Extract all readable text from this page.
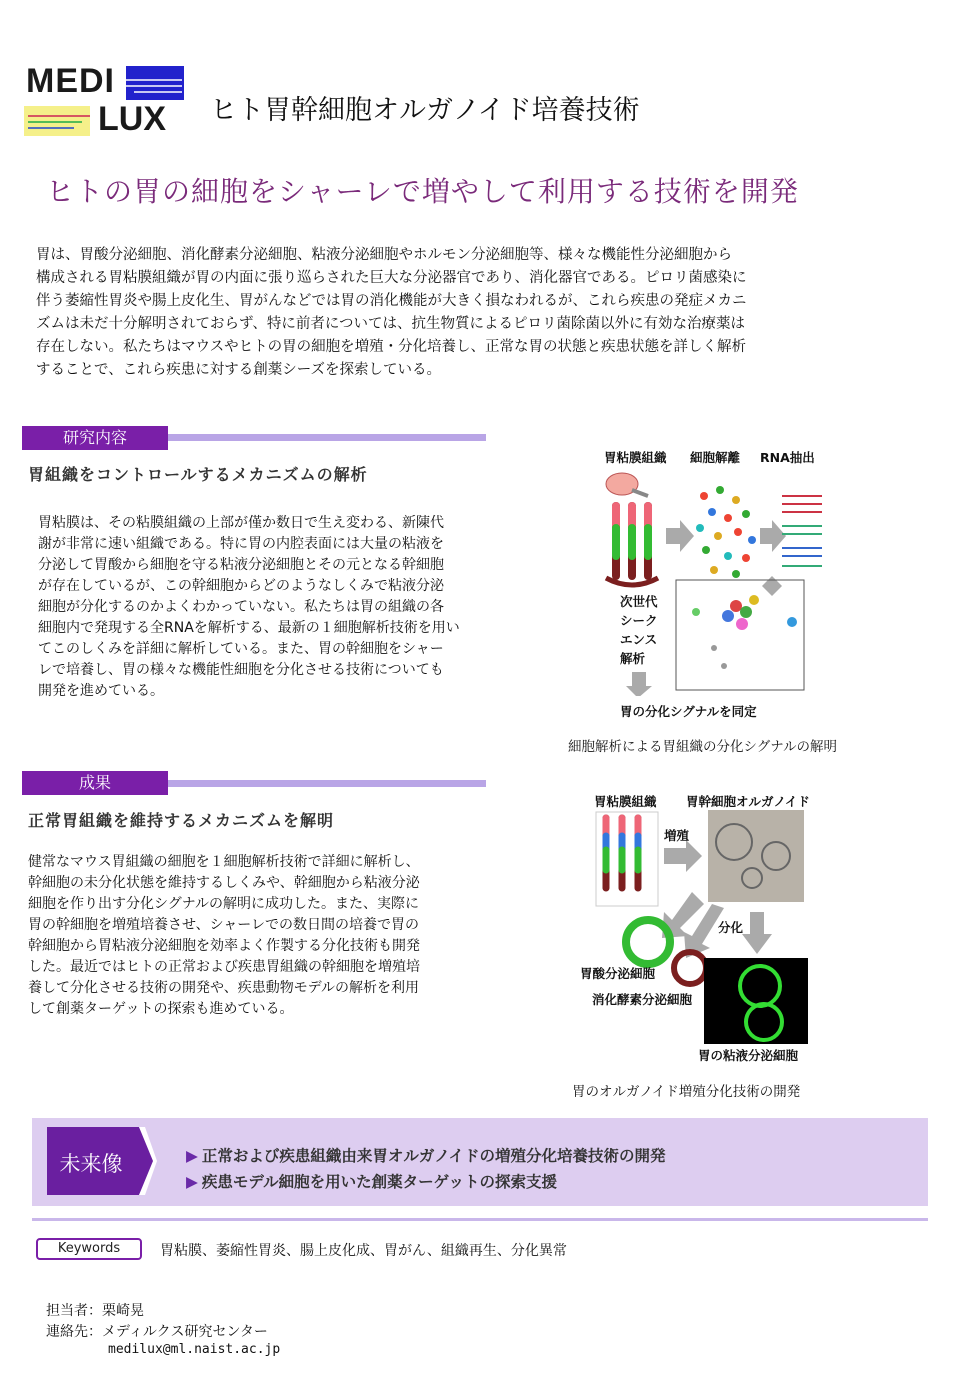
MEDI
LUX ヒト胃幹細胞オルガノイド培養技術
ヒトの胃の細胞をシャーレで増やして利用する技術を開発
胃は、胃酸分泌細胞、消化酵素分泌細胞、粘液分泌細胞やホルモン分泌細胞等、様々な機能性分泌細胞から
構成される胃粘膜組織が胃の内面に張り巡らされた巨大な分泌器官であり、消化器官である。ピロリ菌感染に
伴う萎縮性胃炎や腸上皮化生、胃がんなどでは胃の消化機能が大きく損なわれるが、これら疾患の発症メカニ
ズムは未だ十分解明されておらず、特に前者については、抗生物質によるピロリ菌除菌以外に有効な治療薬は
存在しない。私たちはマウスやヒトの胃の細胞を増殖・分化培養し、正常な胃の状態と疾患状態を詳しく解析
することで、これら疾患に対する創薬シーズを探索している。
研究内容
胃組織をコントロールするメカニズムの解析
胃粘膜は、その粘膜組織の上部が僅か数日で生え変わる、新陳代
謝が非常に速い組織である。特に胃の内腔表面には大量の粘液を
分泌して胃酸から細胞を守る粘液分泌細胞とその元となる幹細胞
が存在しているが、この幹細胞からどのようなしくみで粘液分泌
細胞が分化するのかよくわかっていない。私たちは胃の組織の各
細胞内で発現する全RNAを解析する、最新の１細胞解析技術を用い
てこのしくみを詳細に解析している。また、胃の幹細胞をシャー
レで培養し、胃の様々な機能性細胞を分化させる技術についても
開発を進めている。
胃粘膜組織 細胞解離 RNA抽出
次世代
シーク
エンス
解析
胃の分化シグナルを同定
細胞解析による胃組織の分化シグナルの解明
成果
正常胃組織を維持するメカニズムを解明
健常なマウス胃組織の細胞を１細胞解析技術で詳細に解析し、
幹細胞の未分化状態を維持するしくみや、幹細胞から粘液分泌
細胞を作り出す分化シグナルの解明に成功した。また、実際に
胃の幹細胞を増殖培養させ、シャーレでの数日間の培養で胃の
幹細胞から胃粘液分泌細胞を効率よく作製する分化技術も開発
した。最近ではヒトの正常および疾患胃組織の幹細胞を増殖培
養して分化させる技術の開発や、疾患動物モデルの解析を利用
して創薬ターゲットの探索も進めている。
胃粘膜組織 胃幹細胞オルガノイド
増殖
分化
胃酸分泌細胞
消化酵素分泌細胞
胃の粘液分泌細胞
胃のオルガノイド増殖分化技術の開発
未来像	▶ 正常および疾患組織由来胃オルガノイドの増殖分化培養技術の開発
▶ 疾患モデル細胞を用いた創薬ターゲットの探索支援
Keywords	胃粘膜、萎縮性胃炎、腸上皮化成、胃がん、組織再生、分化異常
担当者：栗崎晃
連絡先：メディルクス研究センター
medilux@ml.naist.ac.jp
